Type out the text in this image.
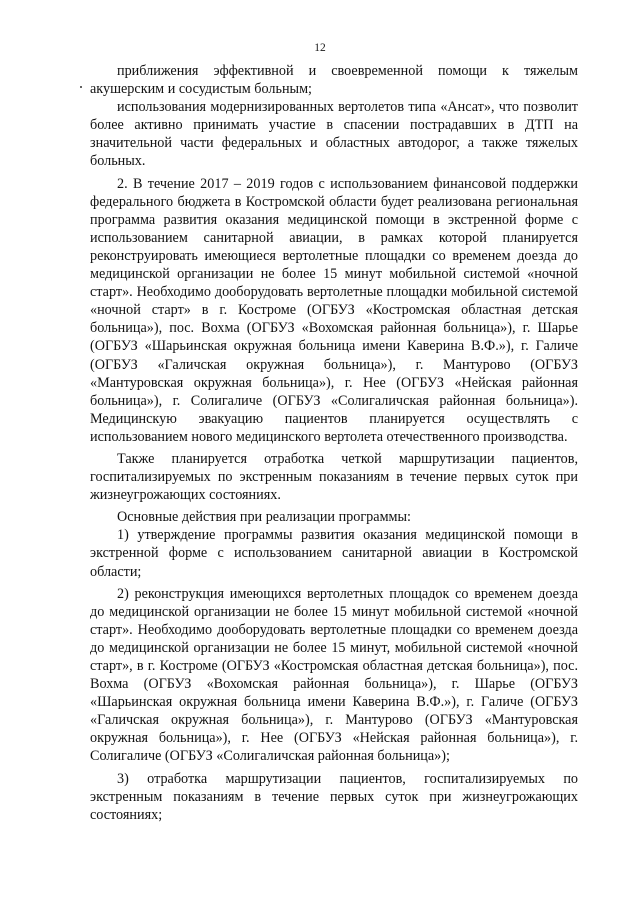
12

приближения эффективной и своевременной помощи к тяжелым акушерским и сосудистым больным;

использования модернизированных вертолетов типа «Ансат», что позволит более активно принимать участие в спасении пострадавших в ДТП на значительной части федеральных и областных автодорог, а также тяжелых больных.

2. В течение 2017 – 2019 годов с использованием финансовой поддержки федерального бюджета в Костромской области будет реализована региональная программа развития оказания медицинской помощи в экстренной форме с использованием санитарной авиации, в рамках которой планируется реконструировать имеющиеся вертолетные площадки со временем доезда до медицинской организации не более 15 минут мобильной системой «ночной старт». Необходимо дооборудовать вертолетные площадки мобильной системой «ночной старт» в г. Костроме (ОГБУЗ «Костромская областная детская больница»), пос. Вохма (ОГБУЗ «Вохомская районная больница»), г. Шарье (ОГБУЗ «Шарьинская окружная больница имени Каверина В.Ф.»), г. Галиче (ОГБУЗ «Галичская окружная больница»), г. Мантурово (ОГБУЗ «Мантуровская окружная больница»), г. Нее (ОГБУЗ «Нейская районная больница»), г. Солигаличе (ОГБУЗ «Солигаличская районная больница»). Медицинскую эвакуацию пациентов планируется осуществлять с использованием нового медицинского вертолета отечественного производства.

Также планируется отработка четкой маршрутизации пациентов, госпитализируемых по экстренным показаниям в течение первых суток при жизнеугрожающих состояниях.

Основные действия при реализации программы:

1) утверждение программы развития оказания медицинской помощи в экстренной форме с использованием санитарной авиации в Костромской области;

2) реконструкция имеющихся вертолетных площадок со временем доезда до медицинской организации не более 15 минут мобильной системой «ночной старт». Необходимо дооборудовать вертолетные площадки со временем доезда до медицинской организации не более 15 минут, мобильной системой «ночной старт», в г. Костроме (ОГБУЗ «Костромская областная детская больница»), пос. Вохма (ОГБУЗ «Вохомская районная больница»), г. Шарье (ОГБУЗ «Шарьинская окружная больница имени Каверина В.Ф.»), г. Галиче (ОГБУЗ «Галичская окружная больница»), г. Мантурово (ОГБУЗ «Мантуровская окружная больница»), г. Нее (ОГБУЗ «Нейская районная больница»), г. Солигаличе (ОГБУЗ «Солигаличская районная больница»);

3) отработка маршрутизации пациентов, госпитализируемых по экстренным показаниям в течение первых суток при жизнеугрожающих состояниях;
